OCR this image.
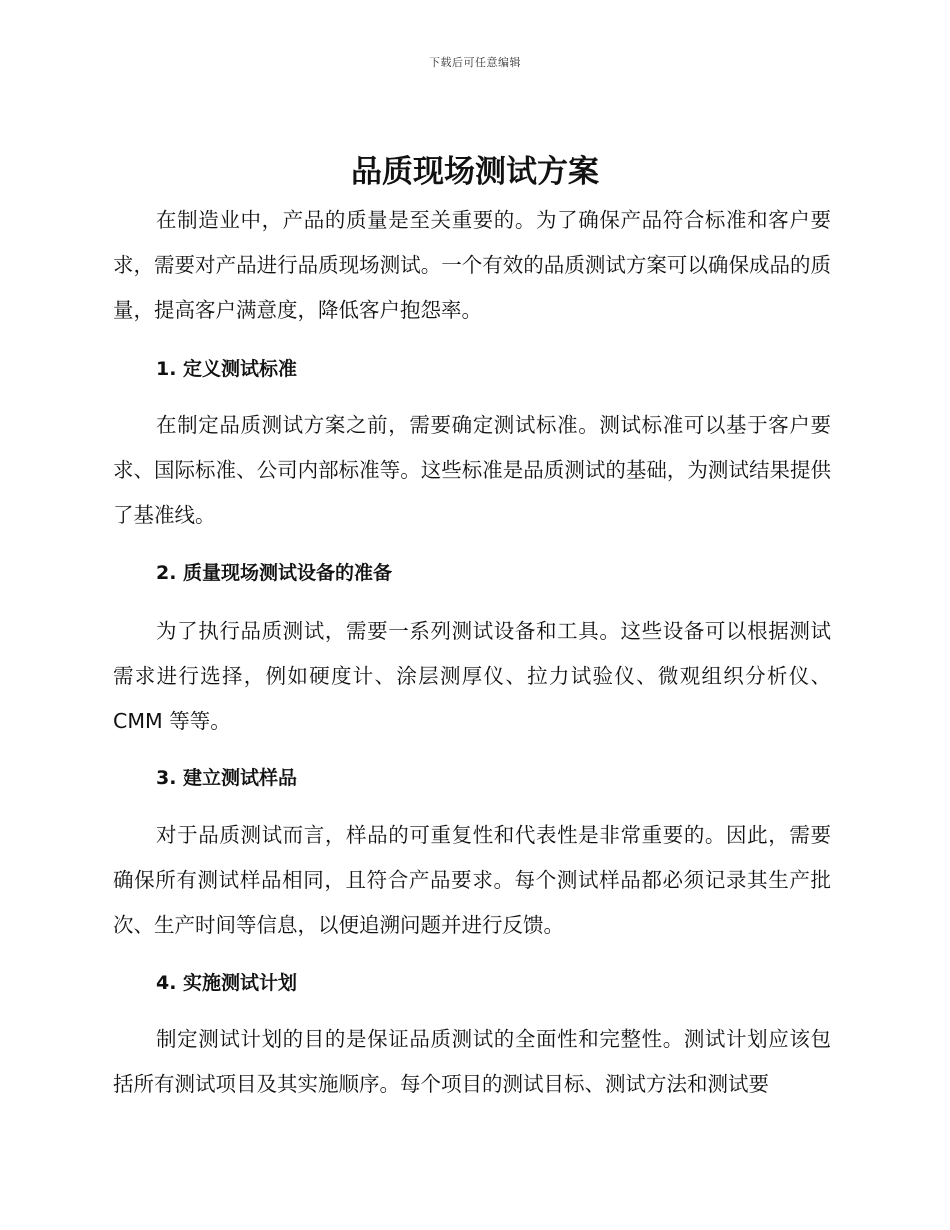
下载后可任意编辑
品质现场测试方案

在制造业中，产品的质量是至关重要的。为了确保产品符合标准和客户要求，需要对产品进行品质现场测试。一个有效的品质测试方案可以确保成品的质量，提高客户满意度，降低客户抱怨率。

1. 定义测试标准

在制定品质测试方案之前，需要确定测试标准。测试标准可以基于客户要求、国际标准、公司内部标准等。这些标准是品质测试的基础，为测试结果提供了基准线。

2. 质量现场测试设备的准备

为了执行品质测试，需要一系列测试设备和工具。这些设备可以根据测试需求进行选择，例如硬度计、涂层测厚仪、拉力试验仪、微观组织分析仪、CMM 等等。

3. 建立测试样品

对于品质测试而言，样品的可重复性和代表性是非常重要的。因此，需要确保所有测试样品相同，且符合产品要求。每个测试样品都必须记录其生产批次、生产时间等信息，以便追溯问题并进行反馈。

4. 实施测试计划

制定测试计划的目的是保证品质测试的全面性和完整性。测试计划应该包括所有测试项目及其实施顺序。每个项目的测试目标、测试方法和测试要
